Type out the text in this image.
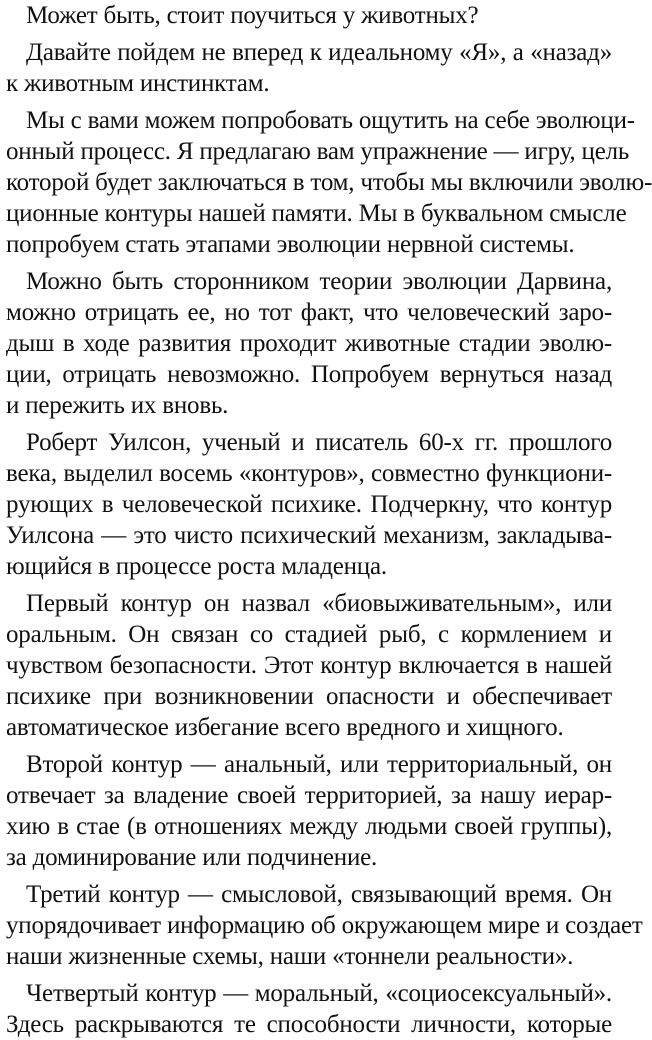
Может быть, стоит поучиться у животных?
Давайте пойдем не вперед к идеальному «Я», а «назад»
к животным инстинктам.
Мы с вами можем попробовать ощутить на себе эволюци-
онный процесс. Я предлагаю вам упражнение — игру, цель
которой будет заключаться в том, чтобы мы включили эволю-
ционные контуры нашей памяти. Мы в буквальном смысле
попробуем стать этапами эволюции нервной системы.
Можно быть сторонником теории эволюции Дарвина,
можно отрицать ее, но тот факт, что человеческий заро-
дыш в ходе развития проходит животные стадии эволю-
ции, отрицать невозможно. Попробуем вернуться назад
и пережить их вновь.
Роберт Уилсон, ученый и писатель 60-х гг. прошлого
века, выделил восемь «контуров», совместно функциони-
рующих в человеческой психике. Подчеркну, что контур
Уилсона — это чисто психический механизм, закладыва-
ющийся в процессе роста младенца.
Первый контур он назвал «биовыживательным», или
оральным. Он связан со стадией рыб, с кормлением и
чувством безопасности. Этот контур включается в нашей
психике при возникновении опасности и обеспечивает
автоматическое избегание всего вредного и хищного.
Второй контур — анальный, или территориальный, он
отвечает за владение своей территорией, за нашу иерар-
хию в стае (в отношениях между людьми своей группы),
за доминирование или подчинение.
Третий контур — смысловой, связывающий время. Он
упорядочивает информацию об окружающем мире и создает
наши жизненные схемы, наши «тоннели реальности».
Четвертый контур — моральный, «социосексуальный».
Здесь раскрываются те способности личности, которые
